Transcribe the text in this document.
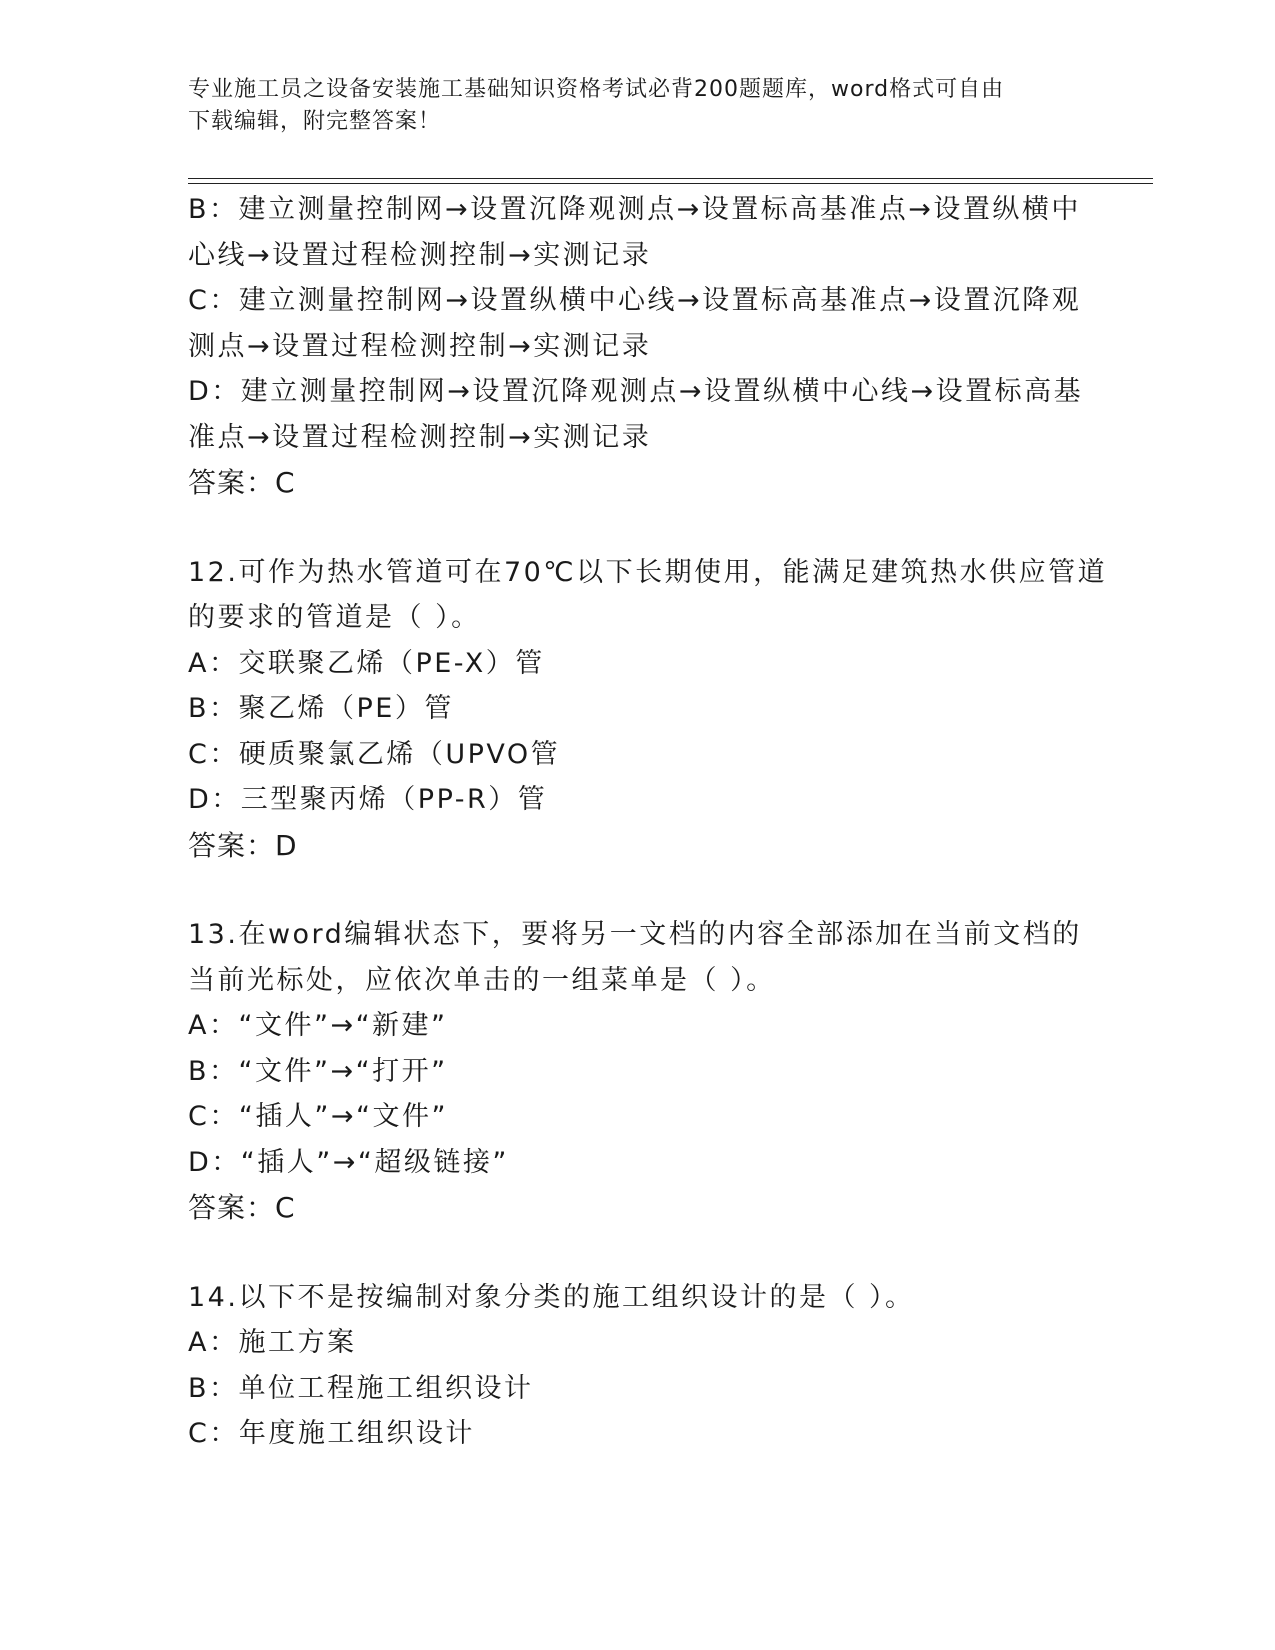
专业施工员之设备安装施工基础知识资格考试必背200题题库，word格式可自由
下载编辑，附完整答案！
B：建立测量控制网→设置沉降观测点→设置标高基准点→设置纵横中
心线→设置过程检测控制→实测记录
C：建立测量控制网→设置纵横中心线→设置标高基准点→设置沉降观
测点→设置过程检测控制→实测记录
D：建立测量控制网→设置沉降观测点→设置纵横中心线→设置标高基
准点→设置过程检测控制→实测记录
答案：C
12.可作为热水管道可在70℃以下长期使用，能满足建筑热水供应管道
的要求的管道是（ ）。
A：交联聚乙烯（PE-X）管
B：聚乙烯（PE）管
C：硬质聚氯乙烯（UPVO管
D：三型聚丙烯（PP-R）管
答案：D
13.在word编辑状态下，要将另一文档的内容全部添加在当前文档的
当前光标处，应依次单击的一组菜单是（ ）。
A：“文件”→“新建”
B：“文件”→“打开”
C：“插人”→“文件”
D：“插人”→“超级链接”
答案：C
14.以下不是按编制对象分类的施工组织设计的是（ ）。
A：施工方案
B：单位工程施工组织设计
C：年度施工组织设计
